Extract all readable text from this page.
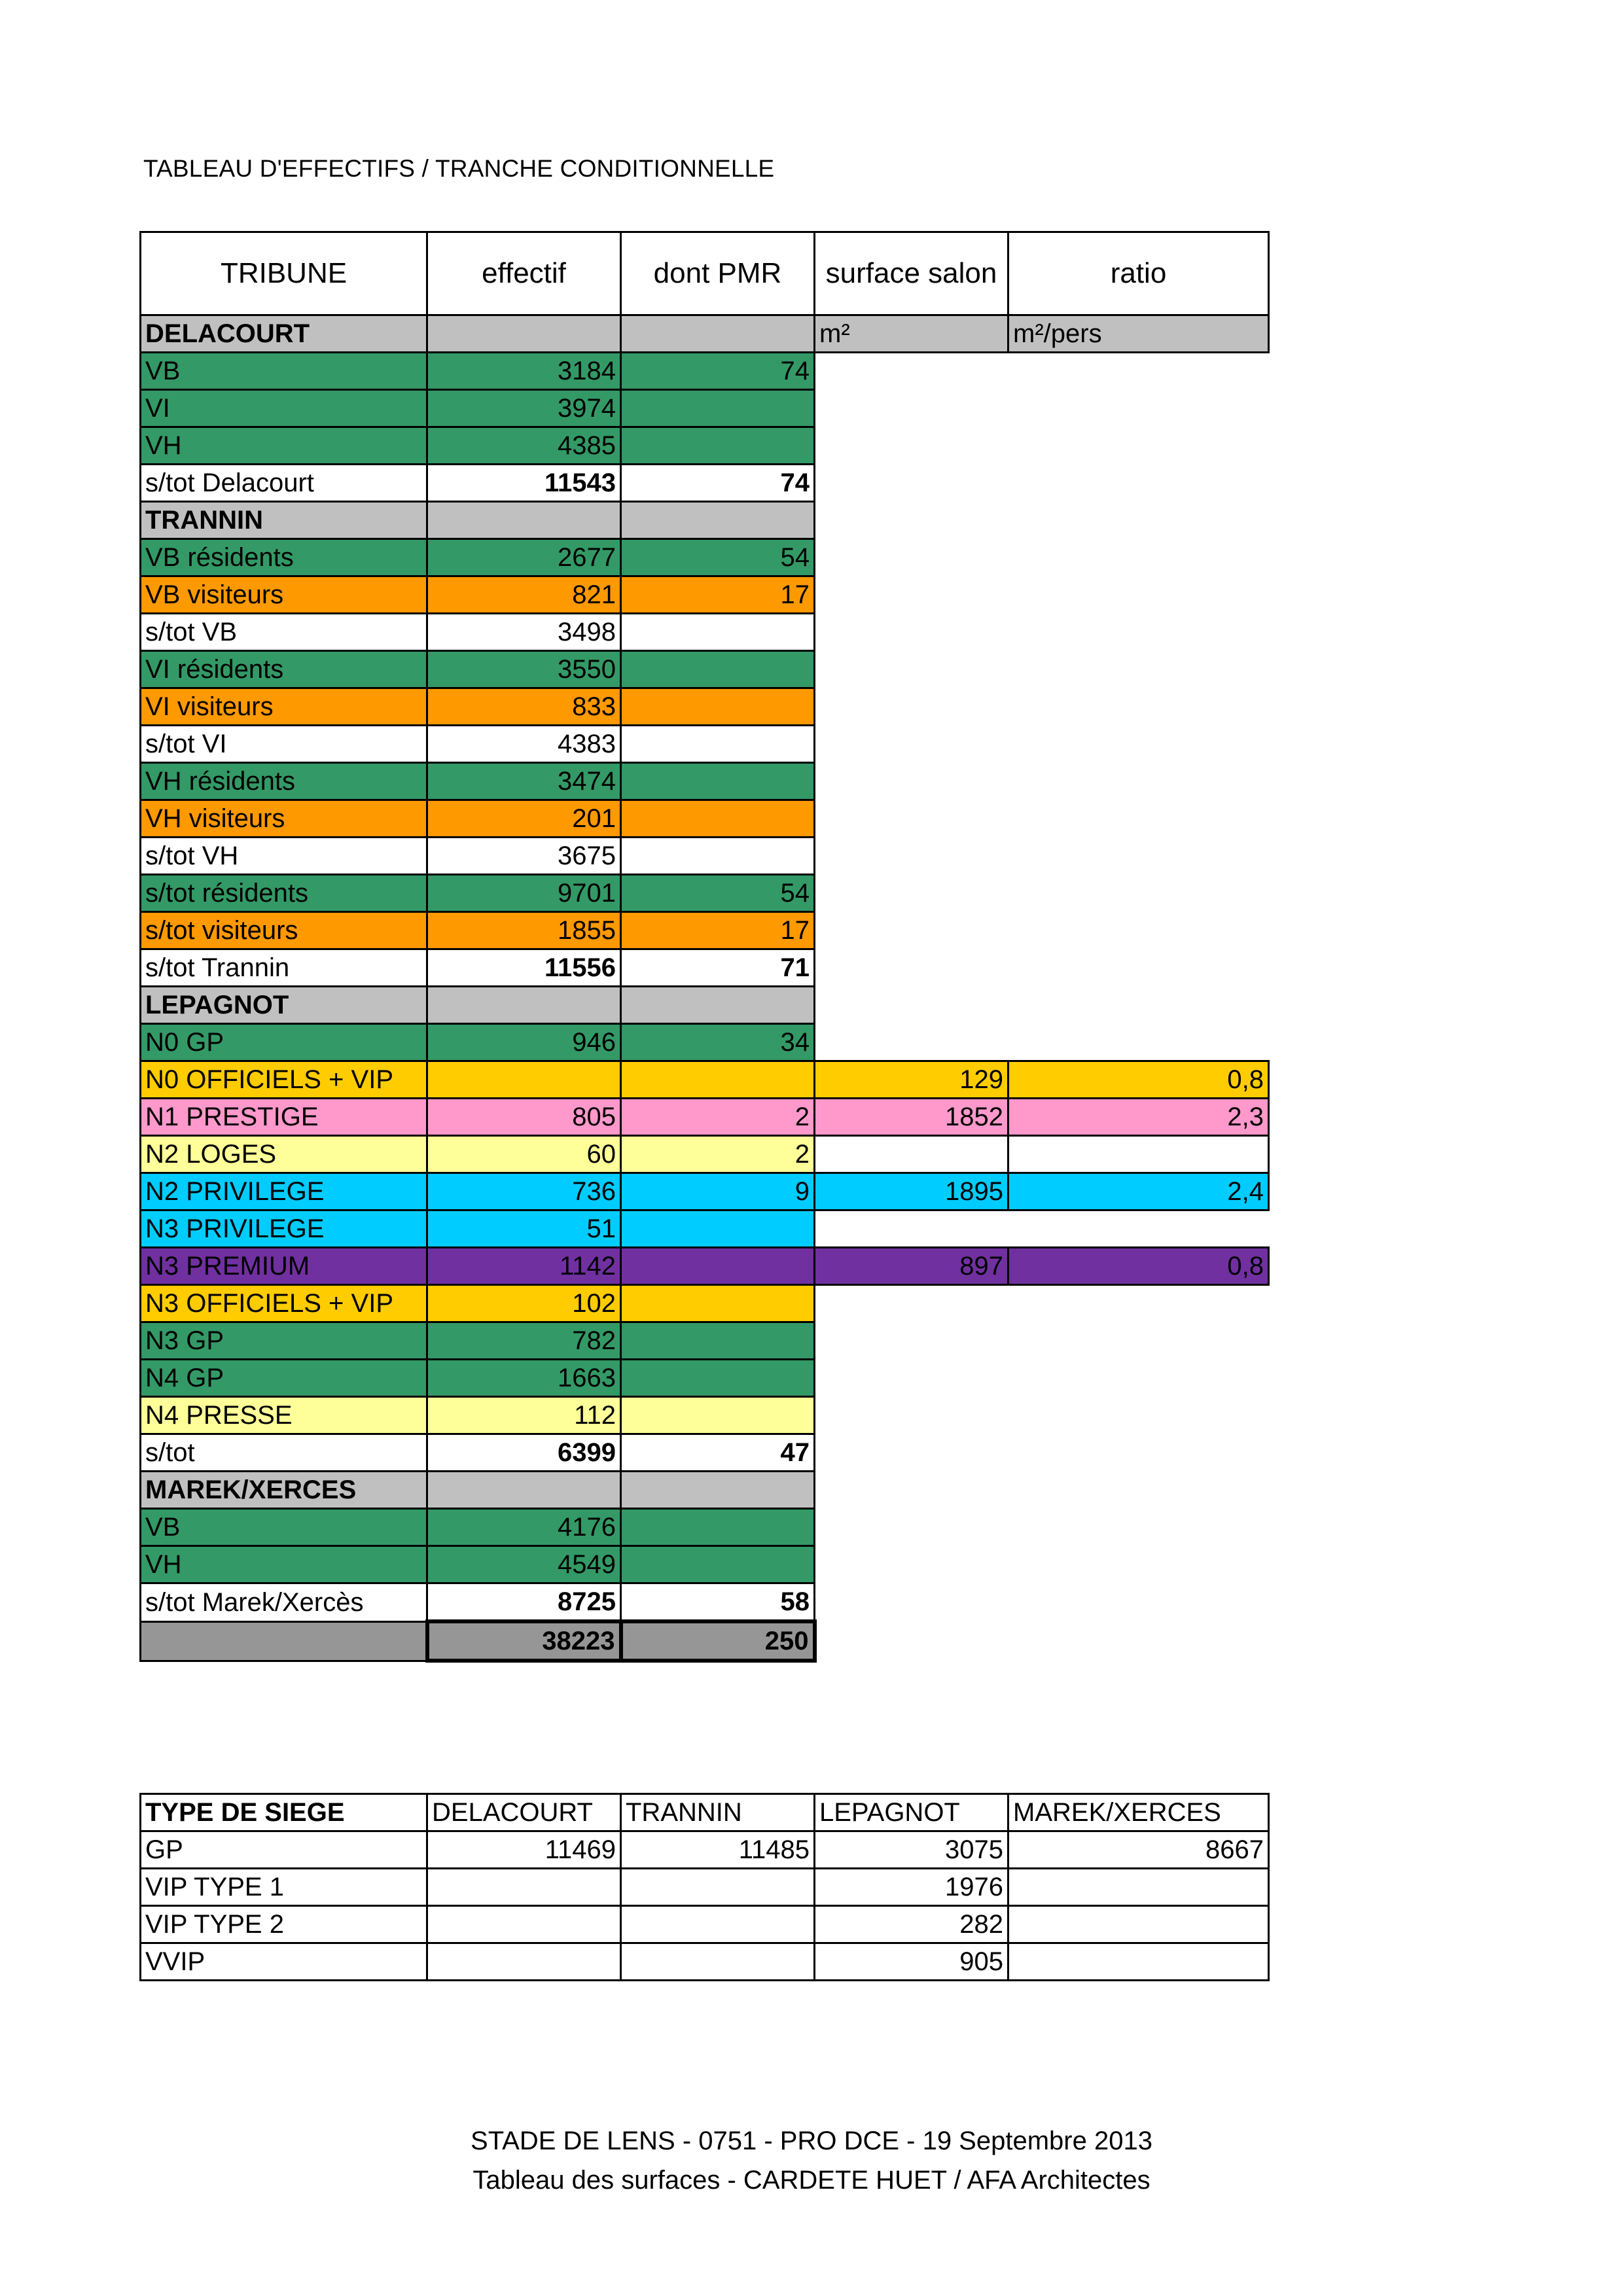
TABLEAU D'EFFECTIFS / TRANCHE CONDITIONNELLE
TRIBUNE	effectif	dont PMR	surface salon	ratio
DELACOURT			m²	m²/pers
VB	3184	74		
VI	3974			
VH	4385			
s/tot Delacourt	11543	74		
TRANNIN				
VB résidents	2677	54		
VB visiteurs	821	17		
s/tot VB	3498			
VI résidents	3550			
VI visiteurs	833			
s/tot VI	4383			
VH résidents	3474			
VH visiteurs	201			
s/tot VH	3675			
s/tot résidents	9701	54		
s/tot visiteurs	1855	17		
s/tot Trannin	11556	71		
LEPAGNOT				
N0 GP	946	34		
N0 OFFICIELS + VIP			129	0,8
N1 PRESTIGE	805	2	1852	2,3
N2 LOGES	60	2		
N2 PRIVILEGE	736	9	1895	2,4
N3 PRIVILEGE	51			
N3 PREMIUM	1142		897	0,8
N3 OFFICIELS + VIP	102			
N3 GP	782			
N4 GP	1663			
N4 PRESSE	112			
s/tot	6399	47		
MAREK/XERCES				
VB	4176			
VH	4549			
s/tot Marek/Xercès	8725	58		
	38223	250		
TYPE DE SIEGE	DELACOURT	TRANNIN	LEPAGNOT	MAREK/XERCES
GP	11469	11485	3075	8667
VIP TYPE 1			1976	
VIP TYPE 2			282	
VVIP			905	
STADE DE LENS - 0751 - PRO DCE - 19 Septembre 2013
Tableau des surfaces - CARDETE HUET / AFA Architectes
